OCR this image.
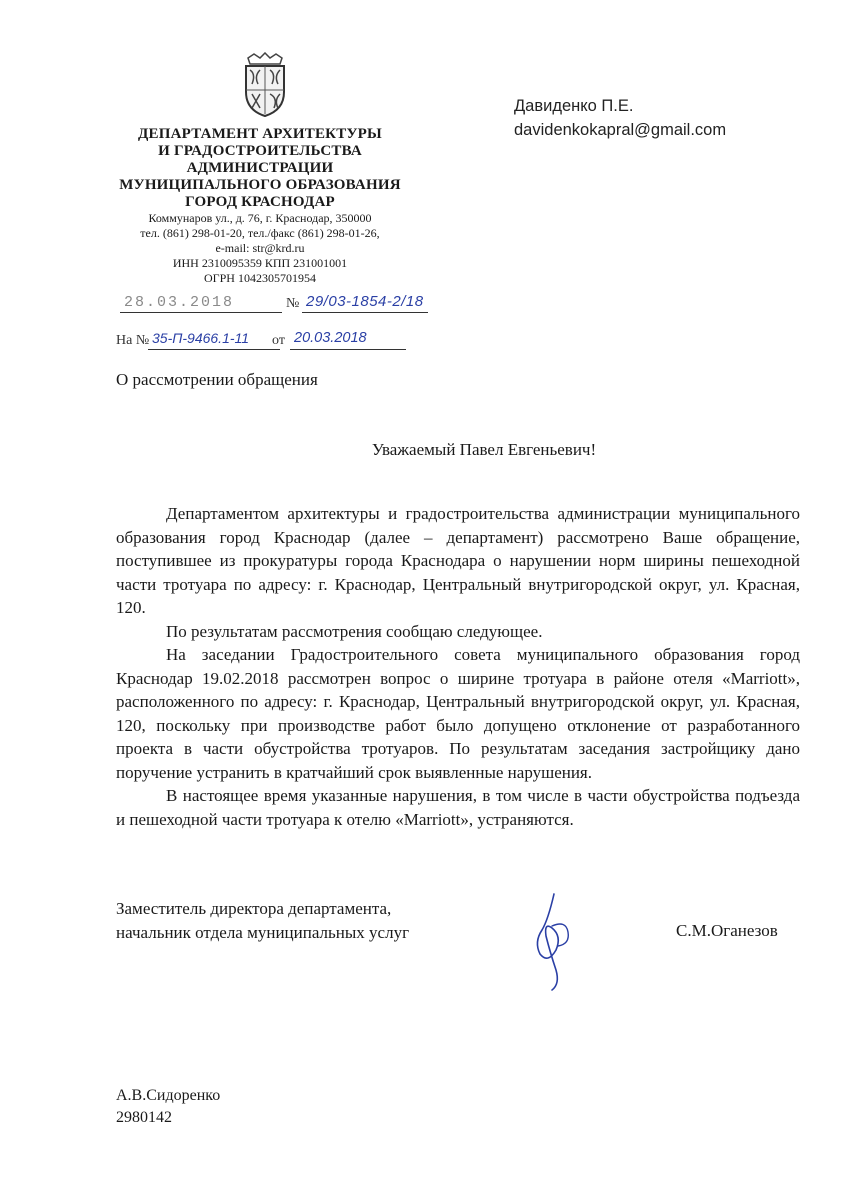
ДЕПАРТАМЕНТ АРХИТЕКТУРЫ
И ГРАДОСТРОИТЕЛЬСТВА
АДМИНИСТРАЦИИ
МУНИЦИПАЛЬНОГО ОБРАЗОВАНИЯ
ГОРОД КРАСНОДАР
Коммунаров ул., д. 76, г. Краснодар, 350000
тел. (861) 298-01-20, тел./факс (861) 298-01-26,
e-mail: str@krd.ru
ИНН 2310095359 КПП 231001001
ОГРН 1042305701954
Давиденко П.Е.
davidenkokapral@gmail.com
28.03.2018	№ 29/03-1854-2/18
На № 35-П-9466.1-11 от 20.03.2018
О рассмотрении обращения
Уважаемый Павел Евгеньевич!

Департаментом архитектуры и градостроительства администрации муниципального образования город Краснодар (далее – департамент) рассмотрено Ваше обращение, поступившее из прокуратуры города Краснодара о нарушении норм ширины пешеходной части тротуара по адресу: г. Краснодар, Центральный внутригородской округ, ул. Красная, 120.

По результатам рассмотрения сообщаю следующее.

На заседании Градостроительного совета муниципального образования город Краснодар 19.02.2018 рассмотрен вопрос о ширине тротуара в районе отеля «Marriott», расположенного по адресу: г. Краснодар, Центральный внутригородской округ, ул. Красная, 120, поскольку при производстве работ было допущено отклонение от разработанного проекта в части обустройства тротуаров. По результатам заседания застройщику дано поручение устранить в кратчайший срок выявленные нарушения.

В настоящее время указанные нарушения, в том числе в части обустройства подъезда и пешеходной части тротуара к отелю «Marriott», устраняются.

Заместитель директора департамента,
начальник отдела муниципальных услуг	С.М.Оганезов
А.В.Сидоренко
2980142
